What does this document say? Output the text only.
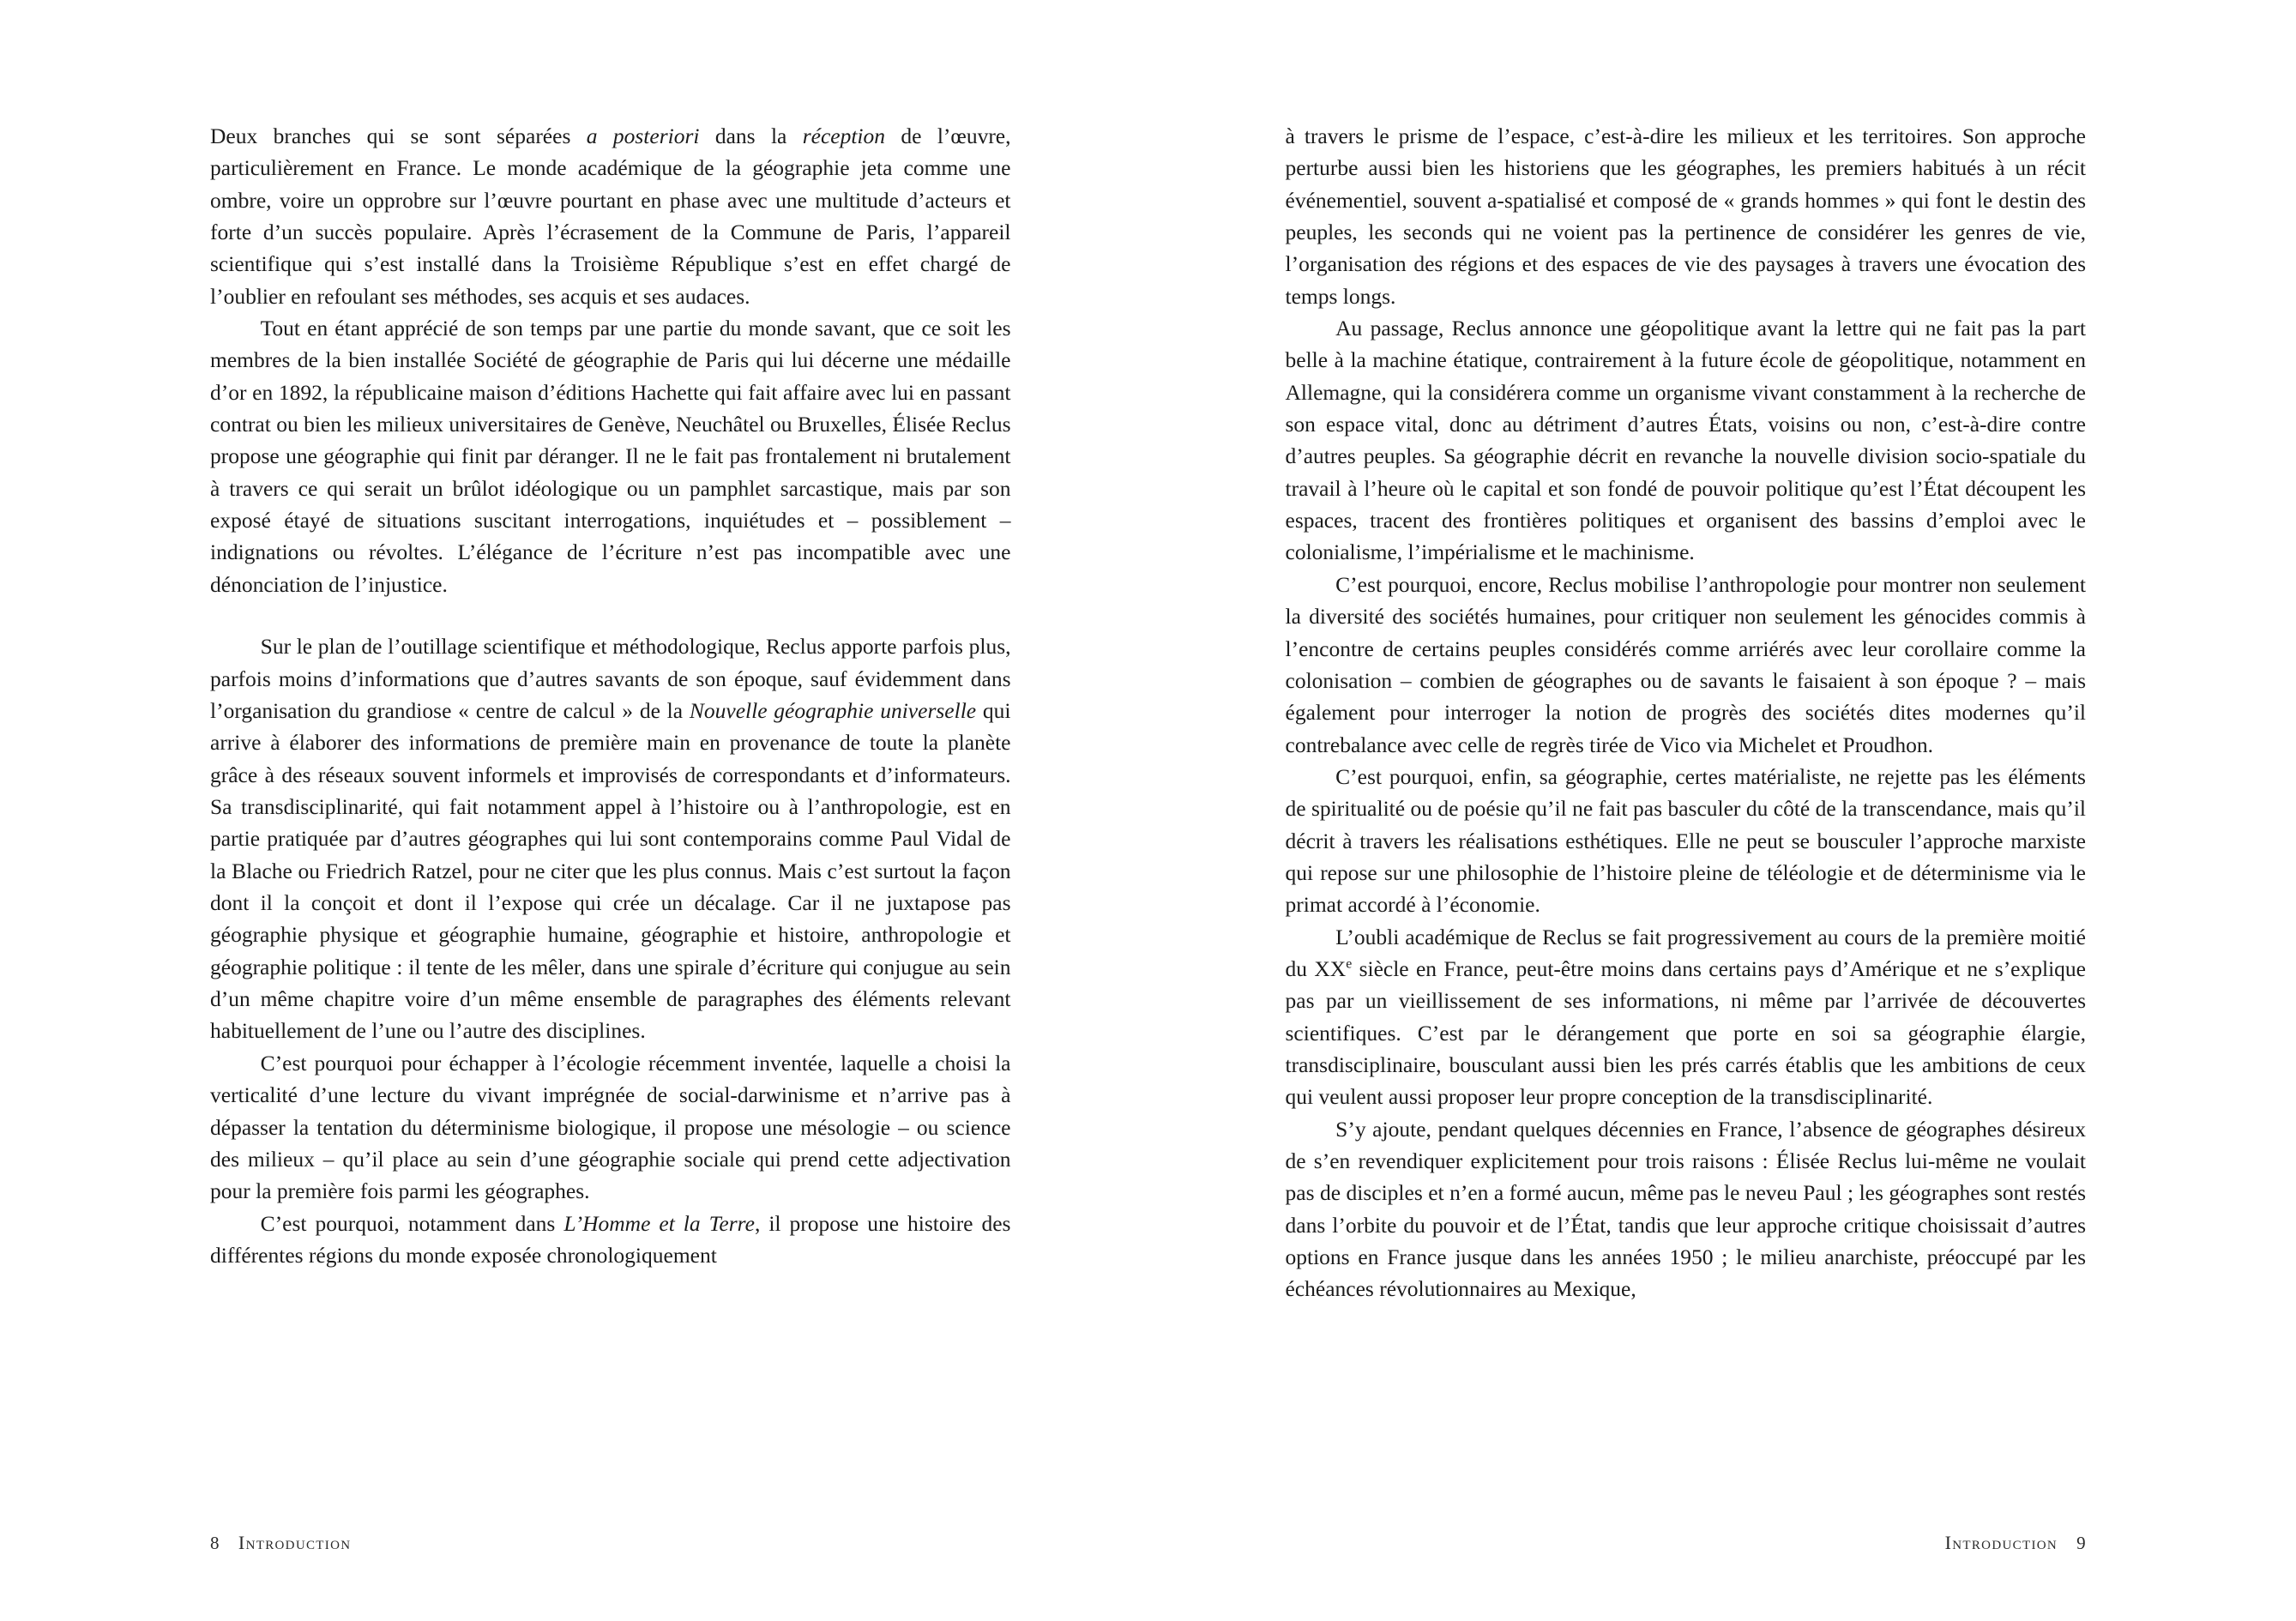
Deux branches qui se sont séparées a posteriori dans la réception de l’œuvre, particulièrement en France. Le monde académique de la géographie jeta comme une ombre, voire un opprobre sur l’œuvre pourtant en phase avec une multitude d’acteurs et forte d’un succès populaire. Après l’écrasement de la Commune de Paris, l’appareil scientifique qui s’est installé dans la Troisième République s’est en effet chargé de l’oublier en refoulant ses méthodes, ses acquis et ses audaces.

Tout en étant apprécié de son temps par une partie du monde savant, que ce soit les membres de la bien installée Société de géographie de Paris qui lui décerne une médaille d’or en 1892, la républicaine maison d’éditions Hachette qui fait affaire avec lui en passant contrat ou bien les milieux universitaires de Genève, Neuchâtel ou Bruxelles, Élisée Reclus propose une géographie qui finit par déranger. Il ne le fait pas frontalement ni brutalement à travers ce qui serait un brûlot idéologique ou un pamphlet sarcastique, mais par son exposé étayé de situations suscitant interrogations, inquiétudes et – possiblement – indignations ou révoltes. L’élégance de l’écriture n’est pas incompatible avec une dénonciation de l’injustice.

Sur le plan de l’outillage scientifique et méthodologique, Reclus apporte parfois plus, parfois moins d’informations que d’autres savants de son époque, sauf évidemment dans l’organisation du grandiose « centre de calcul » de la Nouvelle géographie universelle qui arrive à élaborer des informations de première main en provenance de toute la planète grâce à des réseaux souvent informels et improvisés de correspondants et d’informateurs. Sa transdisciplinarité, qui fait notamment appel à l’histoire ou à l’anthropologie, est en partie pratiquée par d’autres géographes qui lui sont contemporains comme Paul Vidal de la Blache ou Friedrich Ratzel, pour ne citer que les plus connus. Mais c’est surtout la façon dont il la conçoit et dont il l’expose qui crée un décalage. Car il ne juxtapose pas géographie physique et géographie humaine, géographie et histoire, anthropologie et géographie politique : il tente de les mêler, dans une spirale d’écriture qui conjugue au sein d’un même chapitre voire d’un même ensemble de paragraphes des éléments relevant habituellement de l’une ou l’autre des disciplines.

C’est pourquoi pour échapper à l’écologie récemment inventée, laquelle a choisi la verticalité d’une lecture du vivant imprégnée de social-darwinisme et n’arrive pas à dépasser la tentation du déterminisme biologique, il propose une mésologie – ou science des milieux – qu’il place au sein d’une géographie sociale qui prend cette adjectivation pour la première fois parmi les géographes.

C’est pourquoi, notamment dans L’Homme et la Terre, il propose une histoire des différentes régions du monde exposée chronologiquement

8 Introduction

à travers le prisme de l’espace, c’est-à-dire les milieux et les territoires. Son approche perturbe aussi bien les historiens que les géographes, les premiers habitués à un récit événementiel, souvent a-spatialisé et composé de « grands hommes » qui font le destin des peuples, les seconds qui ne voient pas la pertinence de considérer les genres de vie, l’organisation des régions et des espaces de vie des paysages à travers une évocation des temps longs.

Au passage, Reclus annonce une géopolitique avant la lettre qui ne fait pas la part belle à la machine étatique, contrairement à la future école de géopolitique, notamment en Allemagne, qui la considérera comme un organisme vivant constamment à la recherche de son espace vital, donc au détriment d’autres États, voisins ou non, c’est-à-dire contre d’autres peuples. Sa géographie décrit en revanche la nouvelle division socio-spatiale du travail à l’heure où le capital et son fondé de pouvoir politique qu’est l’État découpent les espaces, tracent des frontières politiques et organisent des bassins d’emploi avec le colonialisme, l’impérialisme et le machinisme.

C’est pourquoi, encore, Reclus mobilise l’anthropologie pour montrer non seulement la diversité des sociétés humaines, pour critiquer non seulement les génocides commis à l’encontre de certains peuples considérés comme arriérés avec leur corollaire comme la colonisation – combien de géographes ou de savants le faisaient à son époque ? – mais également pour interroger la notion de progrès des sociétés dites modernes qu’il contrebalance avec celle de regrès tirée de Vico via Michelet et Proudhon.

C’est pourquoi, enfin, sa géographie, certes matérialiste, ne rejette pas les éléments de spiritualité ou de poésie qu’il ne fait pas basculer du côté de la transcendance, mais qu’il décrit à travers les réalisations esthétiques. Elle ne peut se bousculer l’approche marxiste qui repose sur une philosophie de l’histoire pleine de téléologie et de déterminisme via le primat accordé à l’économie.

L’oubli académique de Reclus se fait progressivement au cours de la première moitié du XXe siècle en France, peut-être moins dans certains pays d’Amérique et ne s’explique pas par un vieillissement de ses informations, ni même par l’arrivée de découvertes scientifiques. C’est par le dérangement que porte en soi sa géographie élargie, transdisciplinaire, bousculant aussi bien les prés carrés établis que les ambitions de ceux qui veulent aussi proposer leur propre conception de la transdisciplinarité.

S’y ajoute, pendant quelques décennies en France, l’absence de géographes désireux de s’en revendiquer explicitement pour trois raisons : Élisée Reclus lui-même ne voulait pas de disciples et n’en a formé aucun, même pas le neveu Paul ; les géographes sont restés dans l’orbite du pouvoir et de l’État, tandis que leur approche critique choisissait d’autres options en France jusque dans les années 1950 ; le milieu anarchiste, préoccupé par les échéances révolutionnaires au Mexique,

Introduction 9
